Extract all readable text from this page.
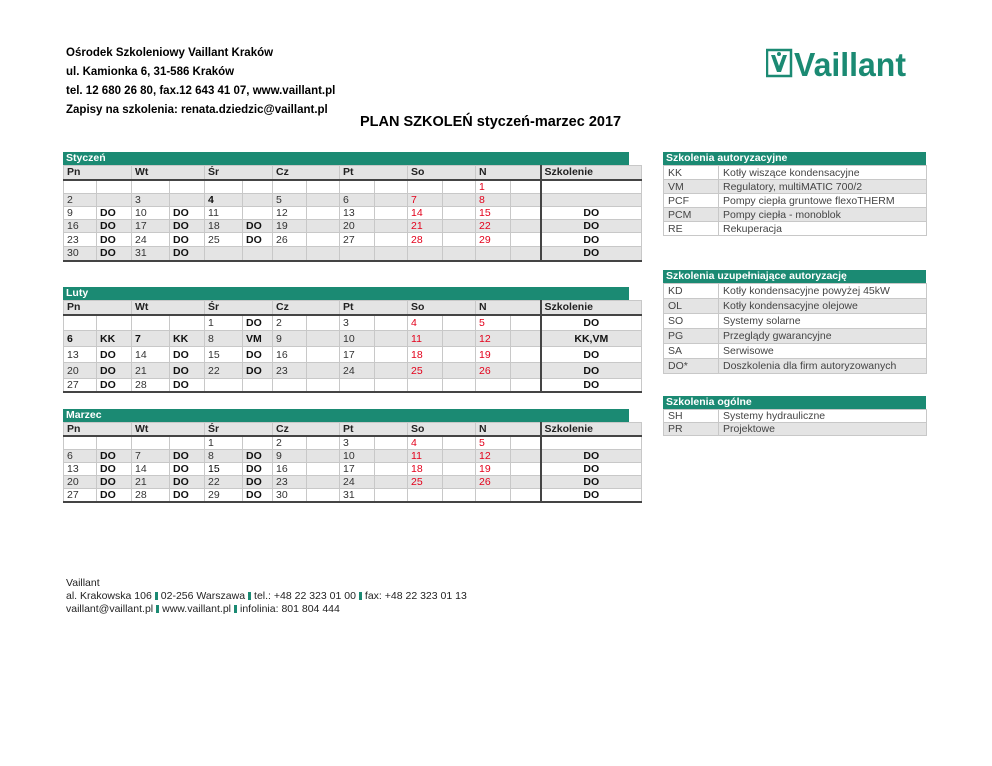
Ośrodek Szkoleniowy Vaillant Kraków
ul. Kamionka 6, 31-586 Kraków
tel. 12 680 26 80, fax.12 643 41 07, www.vaillant.pl
Zapisy na szkolenia: renata.dziedzic@vaillant.pl
Vaillant
PLAN SZKOLEŃ styczeń-marzec 2017
Styczeń
Pn		Wt		Śr		Cz		Pt		So		N		Szkolenie
												1		
2		3		4		5		6		7		8		
9	DO	10	DO	11		12		13		14		15		DO
16	DO	17	DO	18	DO	19		20		21		22		DO
23	DO	24	DO	25	DO	26		27		28		29		DO
30	DO	31	DO											DO
Luty
Pn		Wt		Śr		Cz		Pt		So		N		Szkolenie
				1	DO	2		3		4		5		DO
6	KK	7	KK	8	VM	9		10		11		12		KK,VM
13	DO	14	DO	15	DO	16		17		18		19		DO
20	DO	21	DO	22	DO	23		24		25		26		DO
27	DO	28	DO											DO
Marzec
Pn		Wt		Śr		Cz		Pt		So		N		Szkolenie
				1		2		3		4		5		
6	DO	7	DO	8	DO	9		10		11		12		DO
13	DO	14	DO	15	DO	16		17		18		19		DO
20	DO	21	DO	22	DO	23		24		25		26		DO
27	DO	28	DO	29	DO	30		31						DO
Szkolenia autoryzacyjne
KK	Kotły wiszące kondensacyjne
VM	Regulatory, multiMATIC 700/2
PCF	Pompy ciepła gruntowe flexoTHERM
PCM	Pompy ciepła - monoblok
RE	Rekuperacja
Szkolenia uzupełniające autoryzację
KD	Kotły kondensacyjne powyżej 45kW
OL	Kotły kondensacyjne olejowe
SO	Systemy solarne
PG	Przeglądy gwarancyjne
SA	Serwisowe
DO*	Doszkolenia dla firm autoryzowanych
Szkolenia ogólne
SH	Systemy hydrauliczne
PR	Projektowe
Vaillant
al. Krakowska 106 02-256 Warszawa tel.: +48 22 323 01 00 fax: +48 22 323 01 13
vaillant@vaillant.pl www.vaillant.pl infolinia: 801 804 444
